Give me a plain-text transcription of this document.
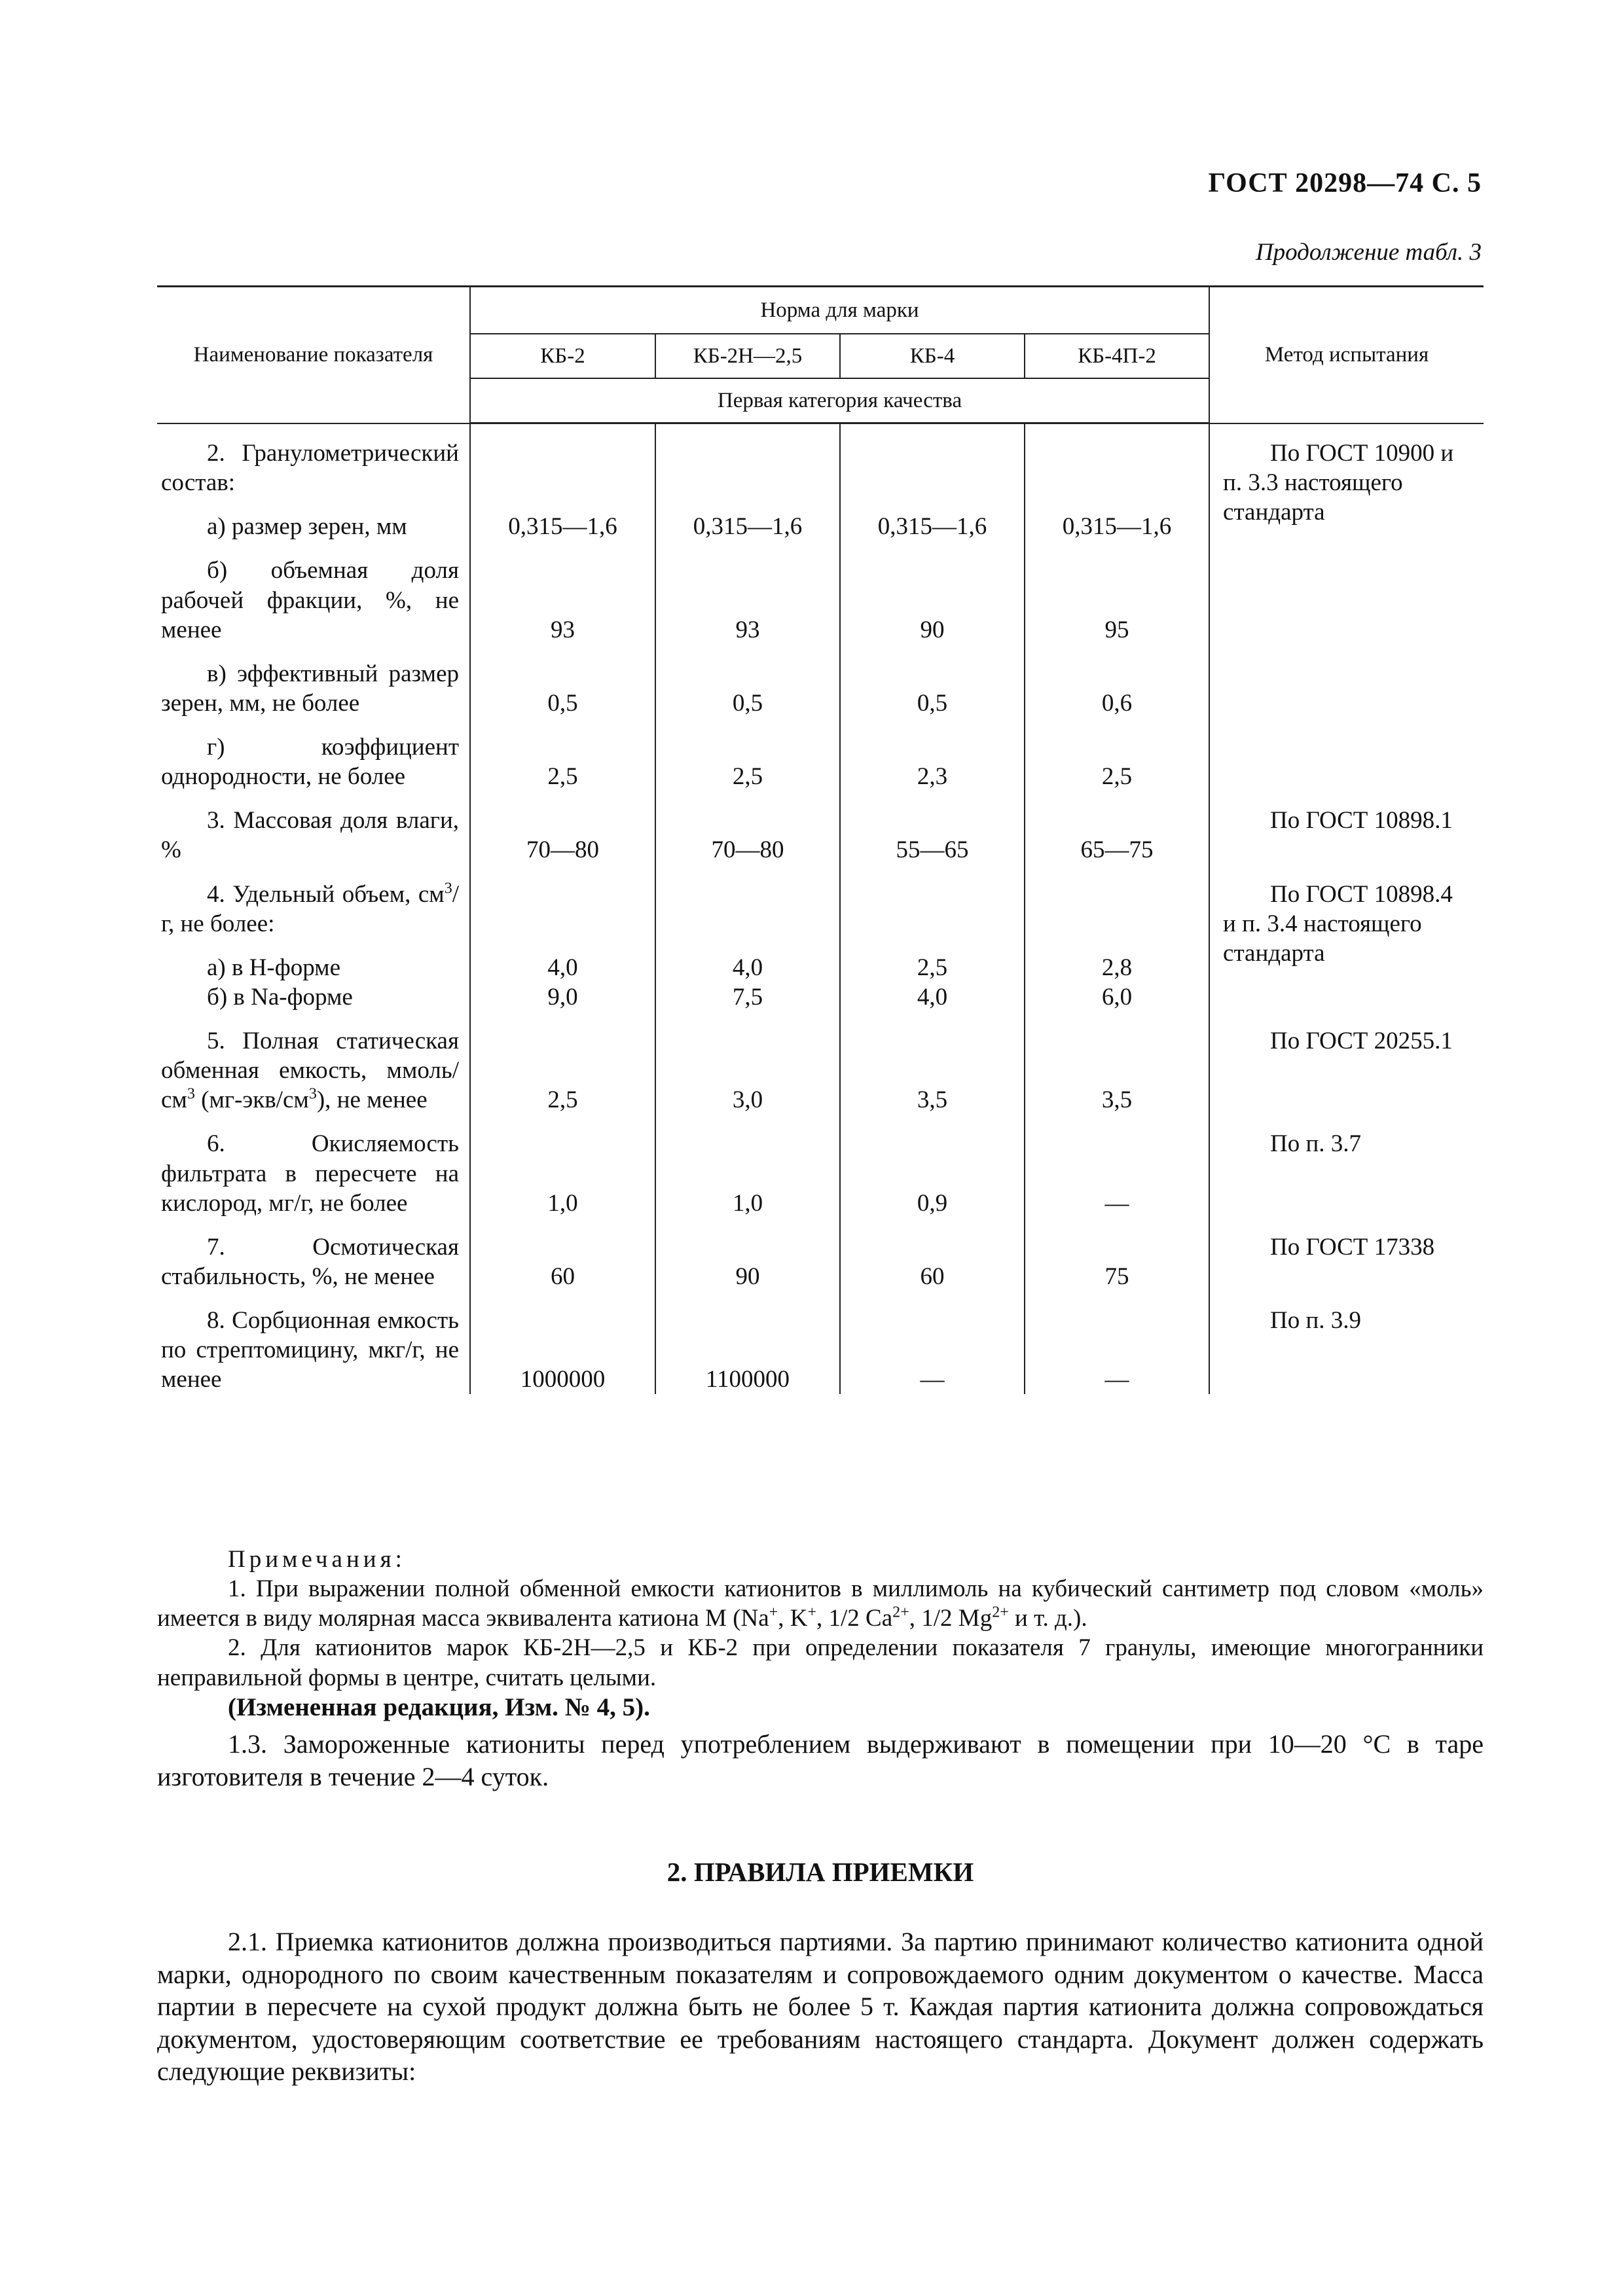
ГОСТ 20298—74 С. 5
Продолжение табл. 3
Наименование показателя	Норма для марки				Метод испытания
	КБ-2	КБ-2Н—2,5	КБ-4	КБ-4П-2	
	Первая категория качества				

2. Гранулометрический состав:					По ГОСТ 10900 и
п. 3.3 настоящего
стандарта

а) размер зерен, мм	0,315—1,6	0,315—1,6	0,315—1,6	0,315—1,6	

б) объемная доля рабочей фракции, %, не менее	93	93	90	95	

в) эффективный размер зерен, мм, не более	0,5	0,5	0,5	0,6	

г) коэффициент однородности, не более	2,5	2,5	2,3	2,5	

3. Массовая доля влаги, %	70—80	70—80	55—65	65—75	По ГОСТ 10898.1

4. Удельный объем, $см^3/г$, не более:					По ГОСТ 10898.4
и п. 3.4 настоящего
стандарта

а) в Н-форме	4,0	4,0	2,5	2,8	
б) в Na-форме	9,0	7,5	4,0	6,0	

5. Полная статическая обменная емкость, ммоль/$см^3$ $(мг-экв/см^3)$, не менее	2,5	3,0	3,5	3,5	По ГОСТ 20255.1

6. Окисляемость фильтрата в пересчете на кислород, мг/г, не более	1,0	1,0	0,9	—	По п. 3.7

7. Осмотическая стабильность, %, не менее	60	90	60	75	По ГОСТ 17338

8. Сорбционная емкость по стрептомицину, мкг/г, не менее	1000000	1100000	—	—	По п. 3.9
Примечания:

1. При выражении полной обменной емкости катионитов в миллимоль на кубический сантиметр под словом «моль» имеется в виду молярная масса эквивалента катиона М (Na+, K+, 1/2 $Ca^{2+}$, 1/2 $Mg^{2+}$ и т. д.).

2. Для катионитов марок КБ-2Н—2,5 и КБ-2 при определении показателя 7 гранулы, имеющие многогранники неправильной формы в центре, считать целыми.

(Измененная редакция, Изм. № 4, 5).

1.3. Замороженные катиониты перед употреблением выдерживают в помещении при 10—20 °С в таре изготовителя в течение 2—4 суток.

2. ПРАВИЛА ПРИЕМКИ

2.1. Приемка катионитов должна производиться партиями. За партию принимают количество катионита одной марки, однородного по своим качественным показателям и сопровождаемого одним документом о качестве. Масса партии в пересчете на сухой продукт должна быть не более 5 т. Каждая партия катионита должна сопровождаться документом, удостоверяющим соответствие ее требованиям настоящего стандарта. Документ должен содержать следующие реквизиты:
